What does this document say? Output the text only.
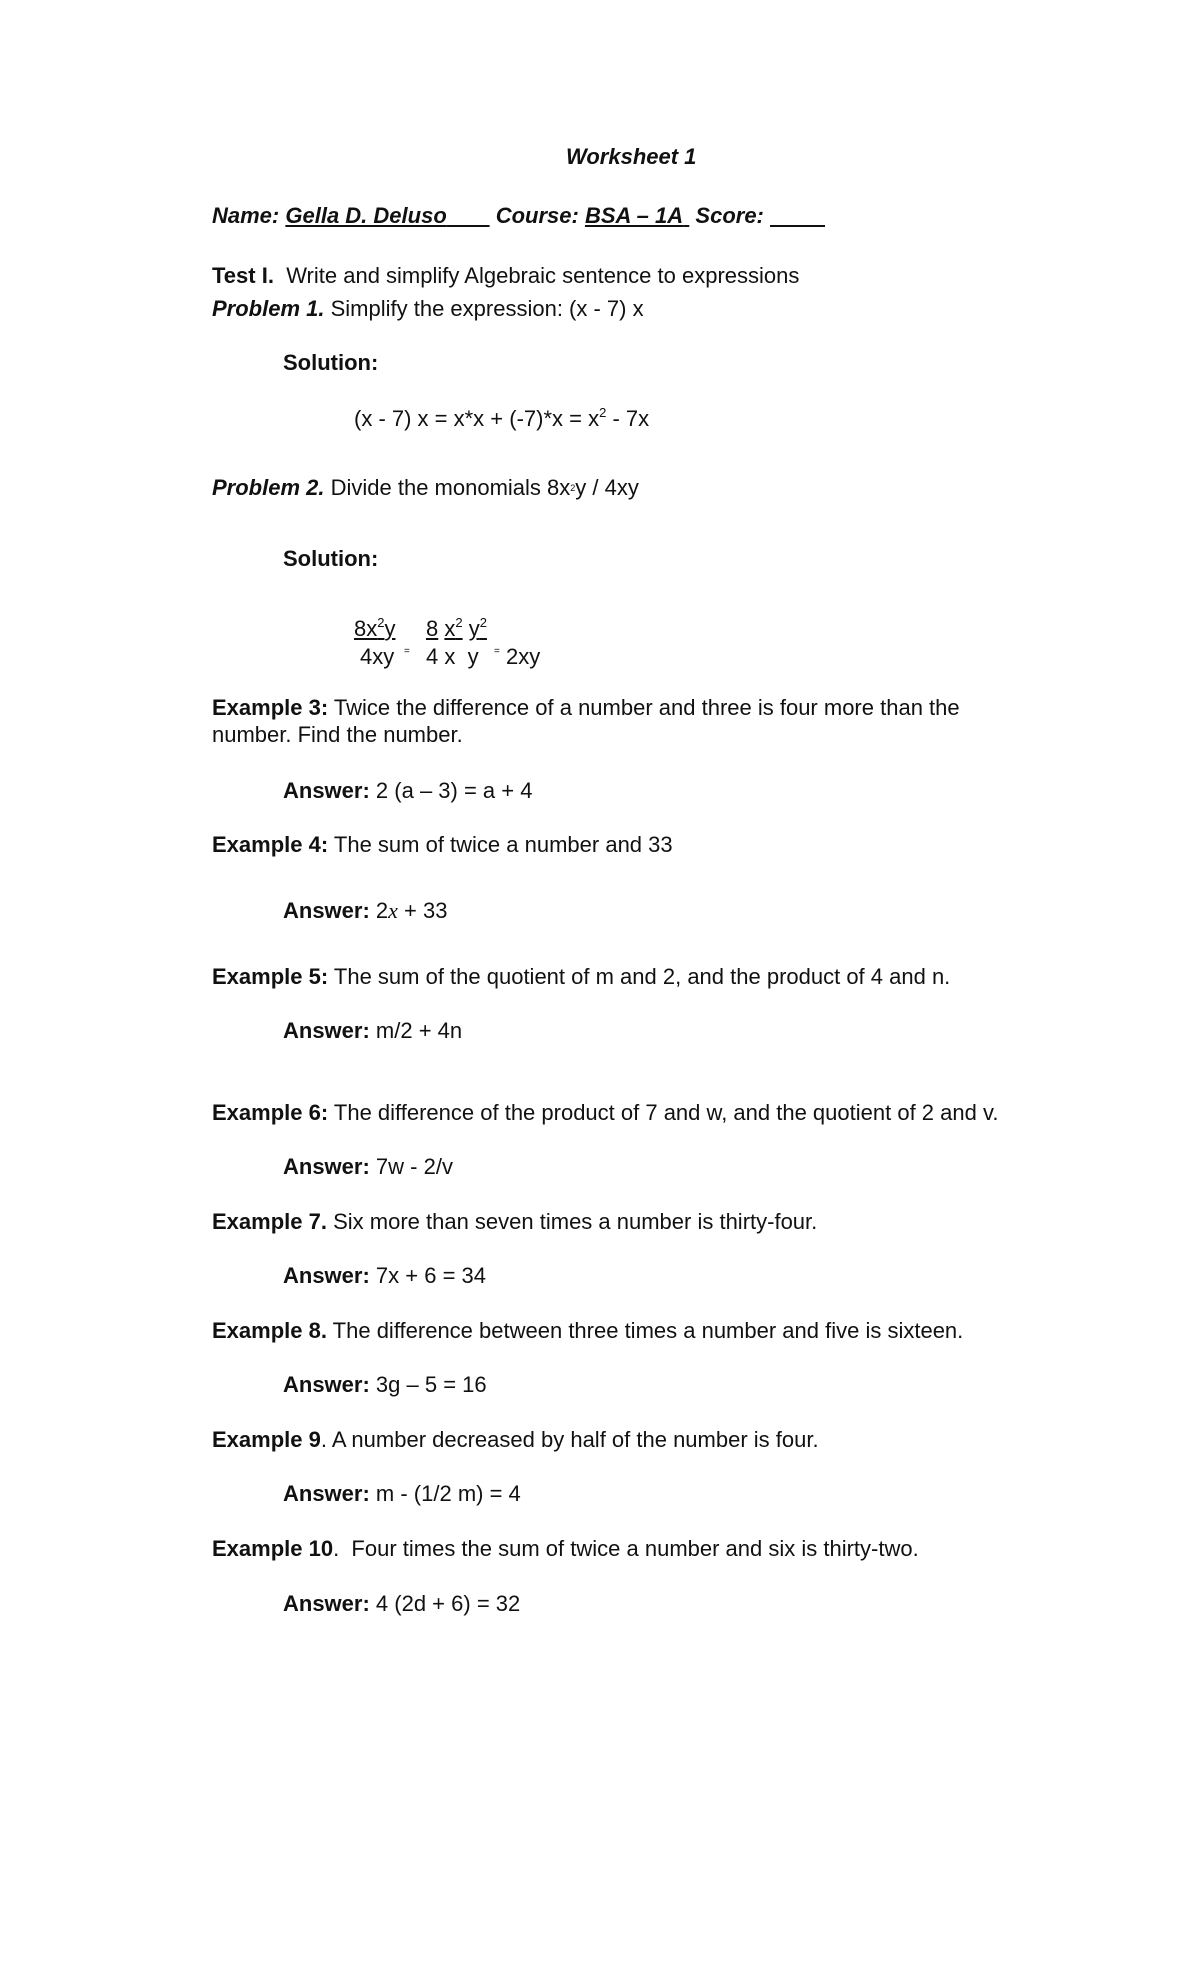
Worksheet 1
Name: Gella D. Deluso Course: BSA – 1A Score:
Test I. Write and simplify Algebraic sentence to expressions
Problem 1. Simplify the expression: (x - 7) x
Solution:
(x - 7) $x = x*x + (-7)*x = x^2 - 7x$
Problem 2. Divide the monomials 8x2y / 4xy
Solution:
$8x^2y$
4xy =
8 $x^2$ $y^2$
4 x  y = 2xy
Example 3: Twice the difference of a number and three is four more than the
number. Find the number.
Answer: 2 (a – 3) = a + 4
Example 4: The sum of twice a number and 33
Answer: 2x + 33
Example 5: The sum of the quotient of m and 2, and the product of 4 and n.
Answer: m/2 + 4n
Example 6: The difference of the product of 7 and w, and the quotient of 2 and v.
Answer: 7w - 2/v
Example 7. Six more than seven times a number is thirty-four.
Answer: 7x + 6 = 34
Example 8. The difference between three times a number and five is sixteen.
Answer: 3g – 5 = 16
Example 9. A number decreased by half of the number is four.
Answer: m - (1/2 m) = 4
Example 10.  Four times the sum of twice a number and six is thirty-two.
Answer: 4 (2d + 6) = 32
